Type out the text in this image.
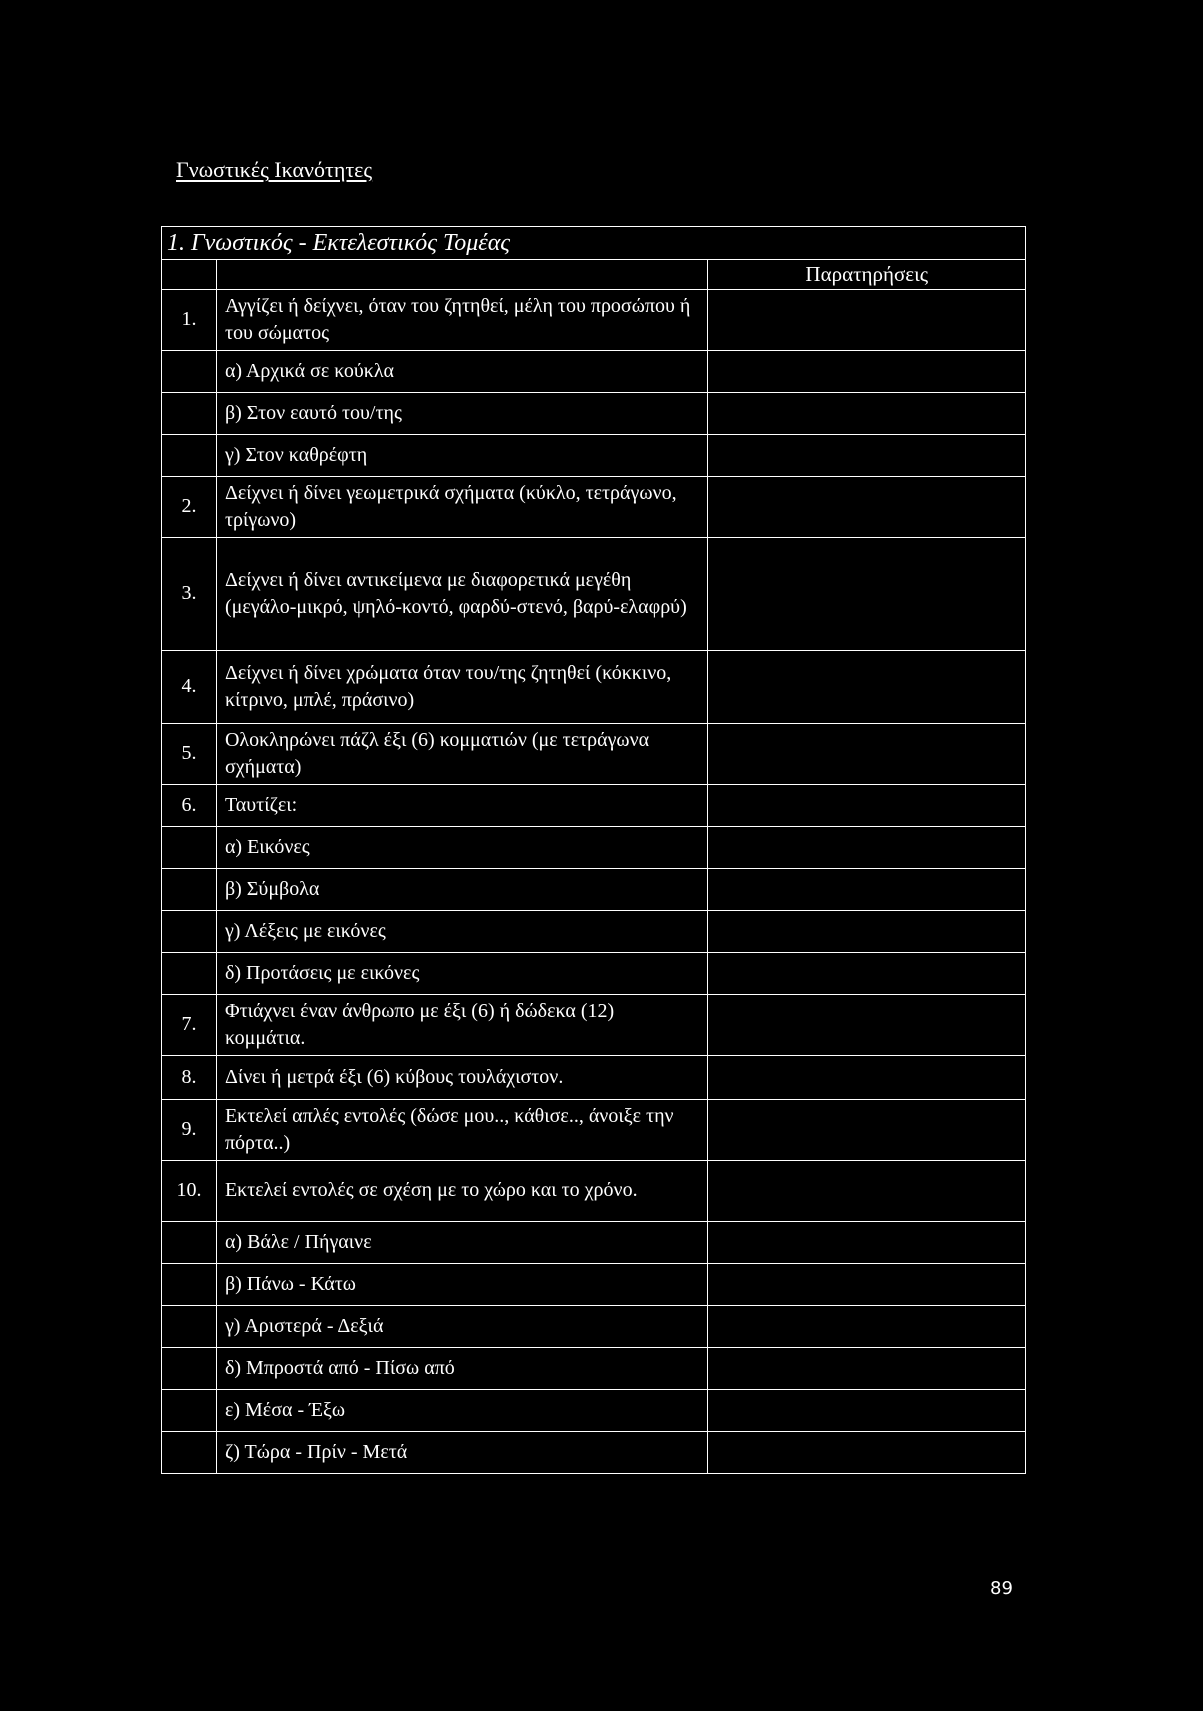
Γνωστικές Ικανότητες
1. Γνωστικός - Εκτελεστικός Τομέας		
		Παρατηρήσεις
1.	Αγγίζει ή δείχνει, όταν του ζητηθεί, μέλη του προσώπου ή του σώματος	
	α) Αρχικά σε κούκλα	
	β) Στον εαυτό του/της	
	γ) Στον καθρέφτη	
2.	Δείχνει ή δίνει γεωμετρικά σχήματα (κύκλο, τετράγωνο, τρίγωνο)	
3.	Δείχνει ή δίνει αντικείμενα με διαφορετικά μεγέθη (μεγάλο-μικρό, ψηλό-κοντό, φαρδύ-στενό, βαρύ-ελαφρύ)	
4.	Δείχνει ή δίνει χρώματα όταν του/της ζητηθεί (κόκκινο, κίτρινο, μπλέ, πράσινο)	
5.	Ολοκληρώνει πάζλ έξι (6) κομματιών (με τετράγωνα σχήματα)	
6.	Ταυτίζει:	
	α) Εικόνες	
	β) Σύμβολα	
	γ) Λέξεις με εικόνες	
	δ) Προτάσεις με εικόνες	
7.	Φτιάχνει έναν άνθρωπο με έξι (6) ή δώδεκα (12) κομμάτια.	
8.	Δίνει ή μετρά έξι (6) κύβους τουλάχιστον.	
9.	Εκτελεί απλές εντολές (δώσε μου.., κάθισε.., άνοιξε την πόρτα..)	
10.	Εκτελεί εντολές σε σχέση με το χώρο και το χρόνο.	
	α) Βάλε / Πήγαινε	
	β) Πάνω - Κάτω	
	γ) Αριστερά - Δεξιά	
	δ) Μπροστά από - Πίσω από	
	ε) Μέσα - Έξω	
	ζ) Τώρα - Πρίν - Μετά	
89
